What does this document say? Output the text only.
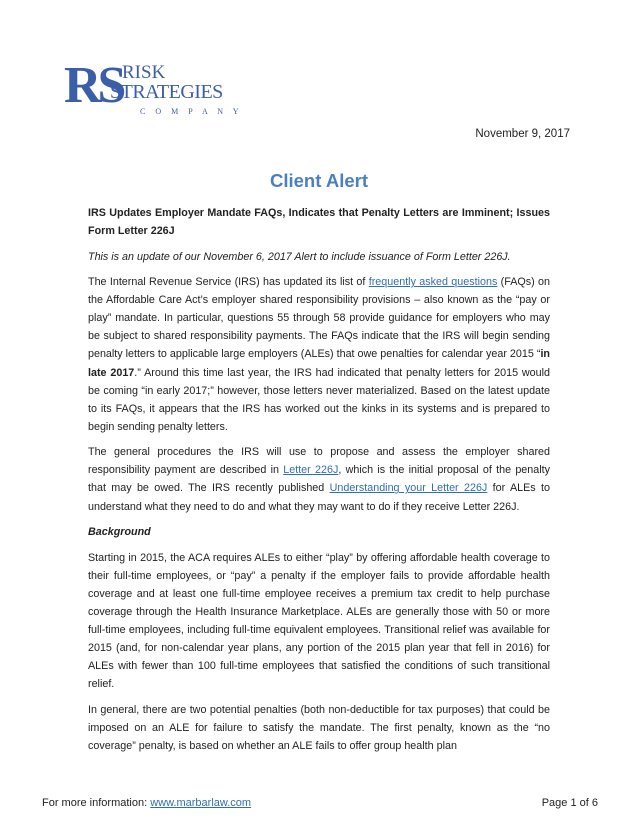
RS RISK
STRATEGIES
C O M P A N Y
November 9, 2017
Client Alert

IRS Updates Employer Mandate FAQs, Indicates that Penalty Letters are Imminent; Issues Form Letter 226J

This is an update of our November 6, 2017 Alert to include issuance of Form Letter 226J.

The Internal Revenue Service (IRS) has updated its list of frequently asked questions (FAQs) on the Affordable Care Act’s employer shared responsibility provisions – also known as the “pay or play” mandate. In particular, questions 55 through 58 provide guidance for employers who may be subject to shared responsibility payments. The FAQs indicate that the IRS will begin sending penalty letters to applicable large employers (ALEs) that owe penalties for calendar year 2015 “in late 2017.” Around this time last year, the IRS had indicated that penalty letters for 2015 would be coming “in early 2017;” however, those letters never materialized. Based on the latest update to its FAQs, it appears that the IRS has worked out the kinks in its systems and is prepared to begin sending penalty letters.

The general procedures the IRS will use to propose and assess the employer shared responsibility payment are described in Letter 226J, which is the initial proposal of the penalty that may be owed. The IRS recently published Understanding your Letter 226J for ALEs to understand what they need to do and what they may want to do if they receive Letter 226J.

Background

Starting in 2015, the ACA requires ALEs to either “play” by offering affordable health coverage to their full-time employees, or “pay” a penalty if the employer fails to provide affordable health coverage and at least one full-time employee receives a premium tax credit to help purchase coverage through the Health Insurance Marketplace. ALEs are generally those with 50 or more full-time employees, including full-time equivalent employees. Transitional relief was available for 2015 (and, for non-calendar year plans, any portion of the 2015 plan year that fell in 2016) for ALEs with fewer than 100 full-time employees that satisfied the conditions of such transitional relief.

In general, there are two potential penalties (both non-deductible for tax purposes) that could be imposed on an ALE for failure to satisfy the mandate. The first penalty, known as the “no coverage” penalty, is based on whether an ALE fails to offer group health plan

For more information: www.marbarlaw.com	Page 1 of 6
